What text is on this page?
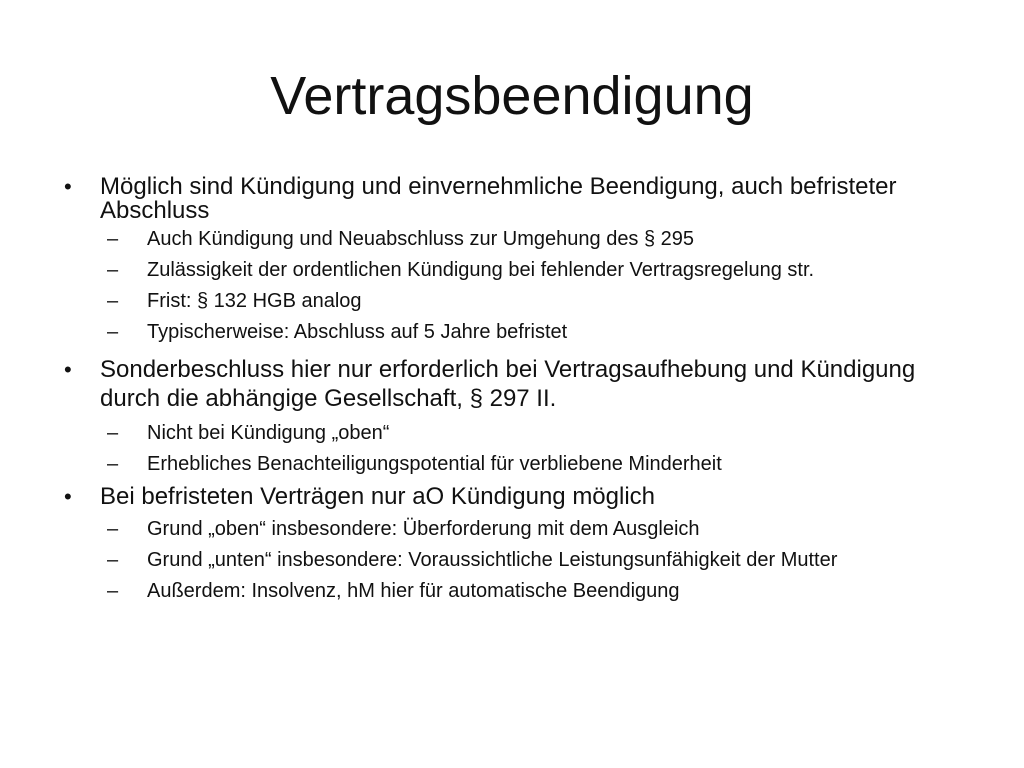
Vertragsbeendigung
• Möglich sind Kündigung und einvernehmliche Beendigung, auch befristeter Abschluss
– Auch Kündigung und Neuabschluss zur Umgehung des § 295
– Zulässigkeit der ordentlichen Kündigung bei fehlender Vertragsregelung str.
– Frist: § 132 HGB analog
– Typischerweise: Abschluss auf 5 Jahre befristet
• Sonderbeschluss hier nur erforderlich bei Vertragsaufhebung und Kündigung durch die abhängige Gesellschaft, § 297 II.
– Nicht bei Kündigung „oben“
– Erhebliches Benachteiligungspotential für verbliebene Minderheit
• Bei befristeten Verträgen nur aO Kündigung möglich
– Grund „oben“ insbesondere: Überforderung mit dem Ausgleich
– Grund „unten“ insbesondere: Voraussichtliche Leistungsunfähigkeit der Mutter
– Außerdem: Insolvenz, hM hier für automatische Beendigung
